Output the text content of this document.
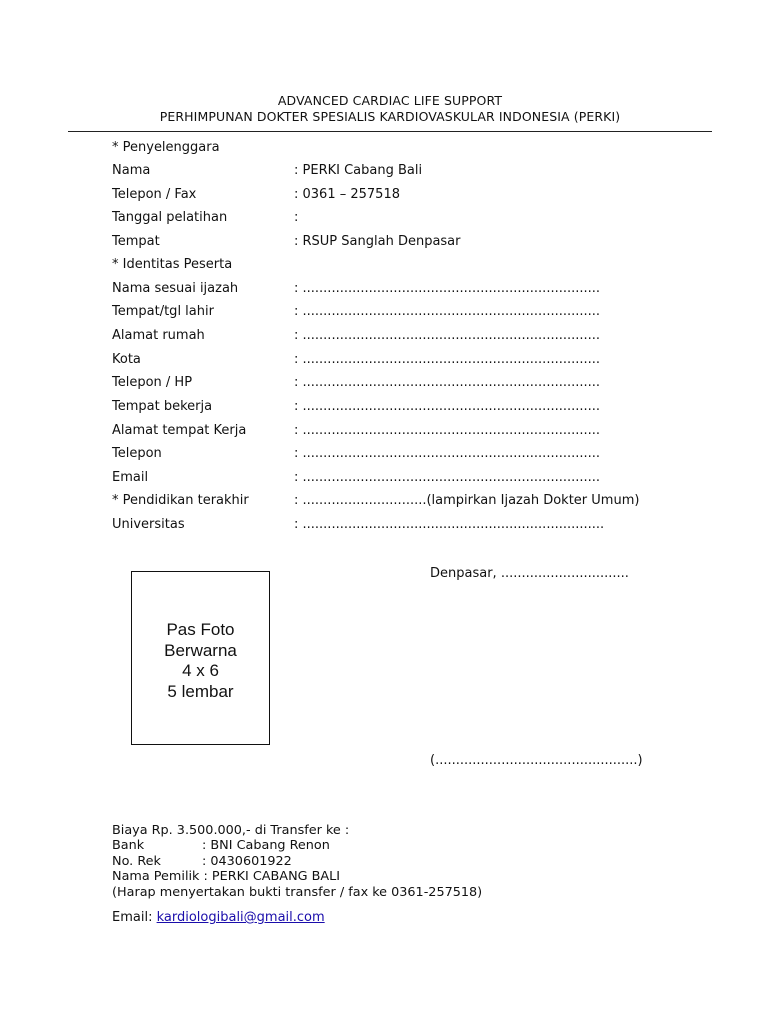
ADVANCED CARDIAC LIFE SUPPORT
PERHIMPUNAN DOKTER SPESIALIS KARDIOVASKULAR INDONESIA (PERKI)
* Penyelenggara
Nama	: PERKI Cabang Bali
Telepon / Fax	: 0361 – 257518
Tanggal pelatihan	:
Tempat	: RSUP Sanglah Denpasar
* Identitas Peserta
Nama sesuai ijazah	: ........................................................................
Tempat/tgl lahir	: ........................................................................
Alamat rumah	: ........................................................................
Kota	: ........................................................................
Telepon / HP	: ........................................................................
Tempat bekerja	: ........................................................................
Alamat tempat Kerja	: ........................................................................
Telepon	: ........................................................................
Email	: ........................................................................
* Pendidikan terakhir	: ..............................(lampirkan Ijazah Dokter Umum)
Universitas	: .........................................................................
Pas Foto
Berwarna
4 x 6
5 lembar
Denpasar, ...............................
(.................................................)
Biaya Rp. 3.500.000,- di Transfer ke :
Bank	: BNI Cabang Renon
No. Rek	: 0430601922
Nama Pemilik : PERKI CABANG BALI
(Harap menyertakan bukti transfer / fax ke 0361-257518)
Email: kardiologibali@gmail.com
